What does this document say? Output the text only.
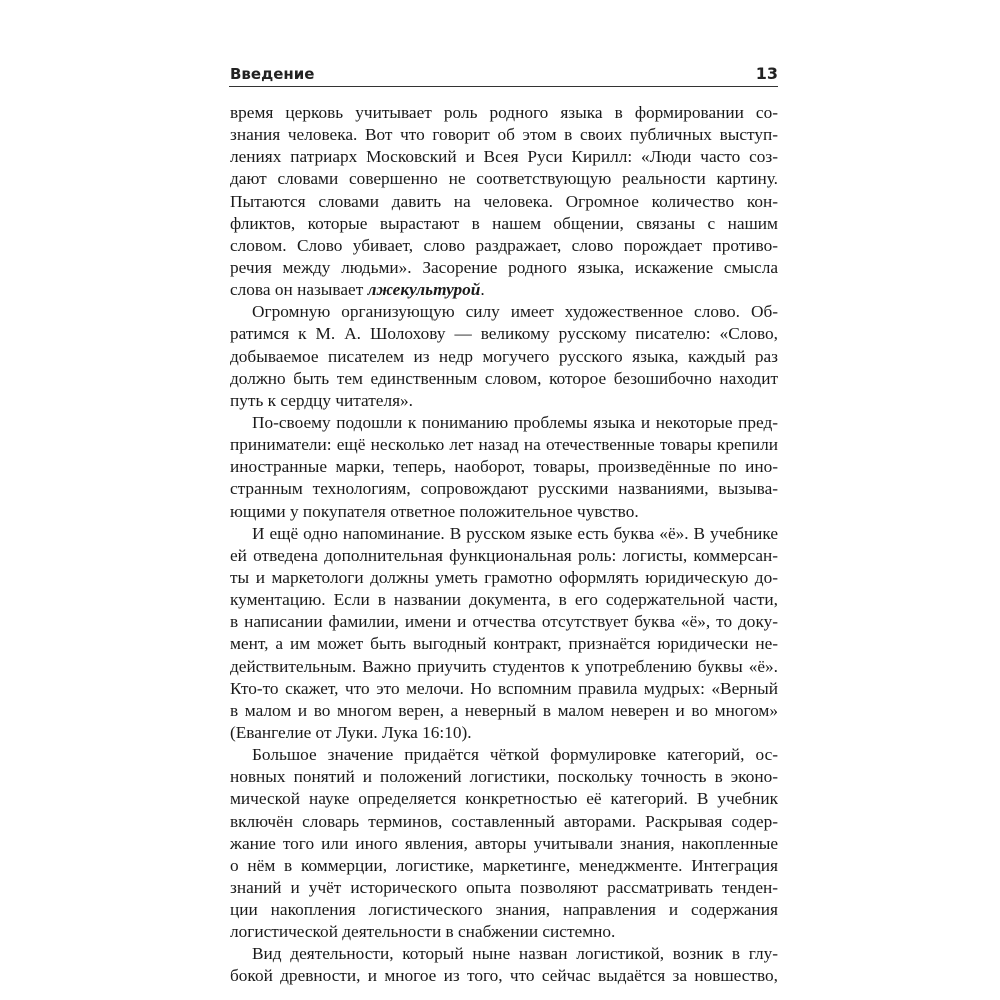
Введение	13
время церковь учитывает роль родного языка в формировании со-
знания человека. Вот что говорит об этом в своих публичных выступ-
лениях патриарх Московский и Всея Руси Кирилл: «Люди часто соз-
дают словами совершенно не соответствующую реальности картину.
Пытаются словами давить на человека. Огромное количество кон-
фликтов, которые вырастают в нашем общении, связаны с нашим
словом. Слово убивает, слово раздражает, слово порождает противо-
речия между людьми». Засорение родного языка, искажение смысла
слова он называет лжекультурой.
Огромную организующую силу имеет художественное слово. Об-
ратимся к М. А. Шолохову — великому русскому писателю: «Слово,
добываемое писателем из недр могучего русского языка, каждый раз
должно быть тем единственным словом, которое безошибочно находит
путь к сердцу читателя».
По-своему подошли к пониманию проблемы языка и некоторые пред-
приниматели: ещё несколько лет назад на отечественные товары крепили
иностранные марки, теперь, наоборот, товары, произведённые по ино-
странным технологиям, сопровождают русскими названиями, вызыва-
ющими у покупателя ответное положительное чувство.
И ещё одно напоминание. В русском языке есть буква «ё». В учебнике
ей отведена дополнительная функциональная роль: логисты, коммерсан-
ты и маркетологи должны уметь грамотно оформлять юридическую до-
кументацию. Если в названии документа, в его содержательной части,
в написании фамилии, имени и отчества отсутствует буква «ё», то доку-
мент, а им может быть выгодный контракт, признаётся юридически не-
действительным. Важно приучить студентов к употреблению буквы «ё».
Кто-то скажет, что это мелочи. Но вспомним правила мудрых: «Верный
в малом и во многом верен, а неверный в малом неверен и во многом»
(Евангелие от Луки. Лука 16:10).
Большое значение придаётся чёткой формулировке категорий, ос-
новных понятий и положений логистики, поскольку точность в эконо-
мической науке определяется конкретностью её категорий. В учебник
включён словарь терминов, составленный авторами. Раскрывая содер-
жание того или иного явления, авторы учитывали знания, накопленные
о нём в коммерции, логистике, маркетинге, менеджменте. Интеграция
знаний и учёт исторического опыта позволяют рассматривать тенден-
ции накопления логистического знания, направления и содержания
логистической деятельности в снабжении системно.
Вид деятельности, который ныне назван логистикой, возник в глу-
бокой древности, и многое из того, что сейчас выдаётся за новшество,
